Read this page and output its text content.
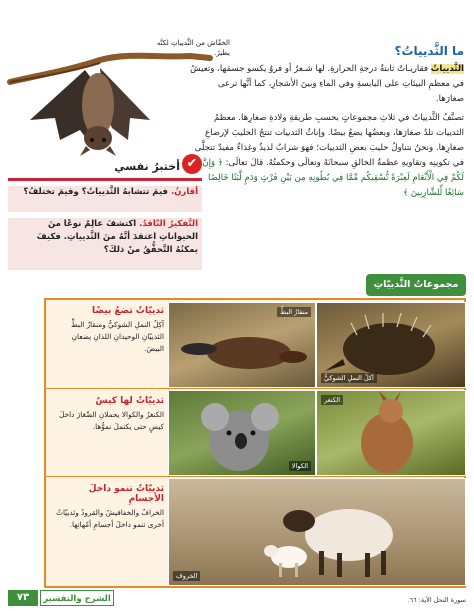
الخفّاش من الثَّديياتِ لكنَّه يطيرُ.	ما الثَّديياتُ؟

الثَّديياتُ فقاريـاتٌ ثابتةُ درجةِ الحرارةِ. لها شـعرٌ أو فروٌ يكسو جسمَها، وتعيشُ في معظمِ البيئاتِ على اليابسةِ وفي الماءِ وبينَ الأشجارِ، كما أنَّها ترعى صغارَها.

تصنَّفُ الثَّديياتُ في ثلاثِ مجموعاتٍ بحسبِ طريقةِ ولادةِ صغارِها. معظمُ الثدييات تلدُ صغارَها، وبعضُها يضعُ بيضًا. وإناثُ الثدييات تنتجُ الحليبَ لإرضاعِ صغارِها. ونحنُ نتناولُ حليبَ بعضِ الثدييات؛ فهوَ شرابٌ لذيذٌ وغذاءٌ مفيدٌ تتجلَّى في تكوينِه وتقاويهِ عظمةُ الخالقِ سبحانَهُ وتعالَى وحكمتُهُ. قالَ تعالَى: ﴿ وَإِنَّ لَكُمْ فِي الْأَنْعَامِ لَعِبْرَةً نُّسْقِيكُم مِّمَّا فِي بُطُونِهِ مِن بَيْنِ فَرْثٍ وَدَمٍ لَّبَنًا خَالِصًا سَائِغًا لِّلشَّارِبِينَ ﴾

أختبرُ نفسي ✔
أقارنُ. فيمَ تتشابهُ الثَّديياتُ؟ وفيمَ تختلفُ؟
التَّفكيرُ النّاقدُ. اكتشفَ عالِمٌ نوعًا منَ الحيواناتِ اعتقدَ أنَّهُ منَ الثَّديياتِ. فكيفَ يمكنُهُ التَّحقُّقُ منْ ذلكَ؟
مجموعاتُ الثَّدييّاتِ
ثدييّاتٌ تضعُ بيضًا
آكِلُ النملِ الشوكيُّ ومنقارُ البطِّ الثدييّانِ الوحيدانِ اللذانِ يضعانِ البيضَ.
منقارُ البطِّ
آكلُ النملِ الشوكيُّ
ثدييّاتٌ لها كيسٌ
الكنغرُ والكوالا يحملانِ الصِّغارَ داخلَ كيسٍ حتى يكتملَ نموُّها.
الكوالا
الكنغر
ثدييّاتٌ تنمو داخلَ الأجسامِ
الخرافُ والخفافيشُ والقرودُ وثدييّاتٌ أخرى تنمو داخلَ أجسامِ أمّهاتِها.
الخروف
٧٣	الشرح والتفسير	سورة النحل الآية: ٦٦.
